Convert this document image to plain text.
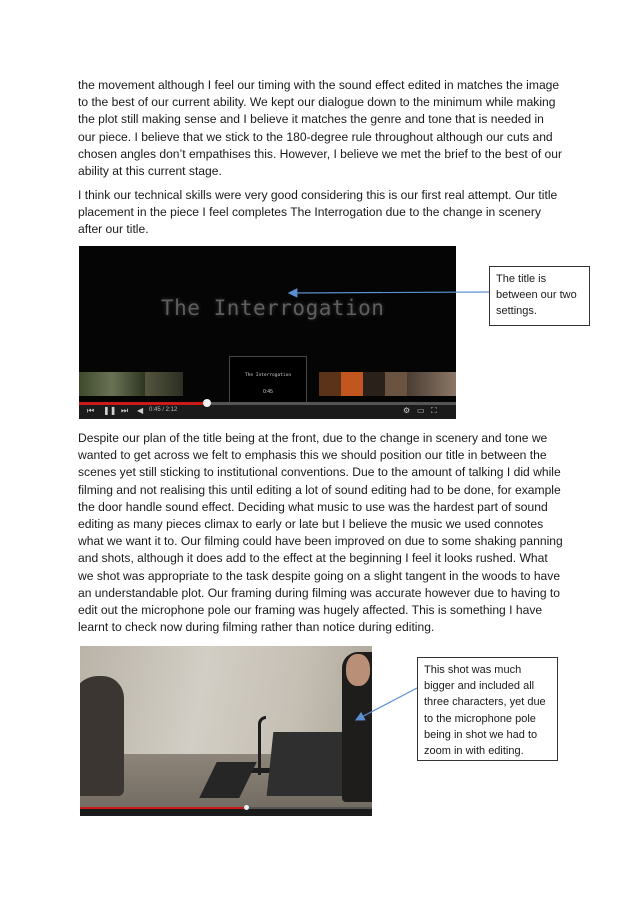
the movement although I feel our timing with the sound effect edited in matches the image to the best of our current ability. We kept our dialogue down to the minimum while making the plot still making sense and I believe it matches the genre and tone that is needed in our piece. I believe that we stick to the 180-degree rule throughout although our cuts and chosen angles don’t empathises this. However, I believe we met the brief to the best of our ability at this current stage.

I think our technical skills were very good considering this is our first real attempt. Our title placement in the piece I feel completes The Interrogation due to the change in scenery after our title.

The Interrogation
The Interrogation
0:45
⏮ ❚❚ ⏭ ◀ 0:45 / 2:12	⚙ ▭ ⛶
The title is between our two settings.

Despite our plan of the title being at the front, due to the change in scenery and tone we wanted to get across we felt to emphasis this we should position our title in between the scenes yet still sticking to institutional conventions. Due to the amount of talking I did while filming and not realising this until editing a lot of sound editing had to be done, for example the door handle sound effect. Deciding what music to use was the hardest part of sound editing as many pieces climax to early or late but I believe the music we used connotes what we want it to. Our filming could have been improved on due to some shaking panning and shots, although it does add to the effect at the beginning I feel it looks rushed. What we shot was appropriate to the task despite going on a slight tangent in the woods to have an understandable plot. Our framing during filming was accurate however due to having to edit out the microphone pole our framing was hugely affected. This is something I have learnt to check now during filming rather than notice during editing.

This shot was much bigger and included all three characters, yet due to the microphone pole being in shot we had to zoom in with editing.
